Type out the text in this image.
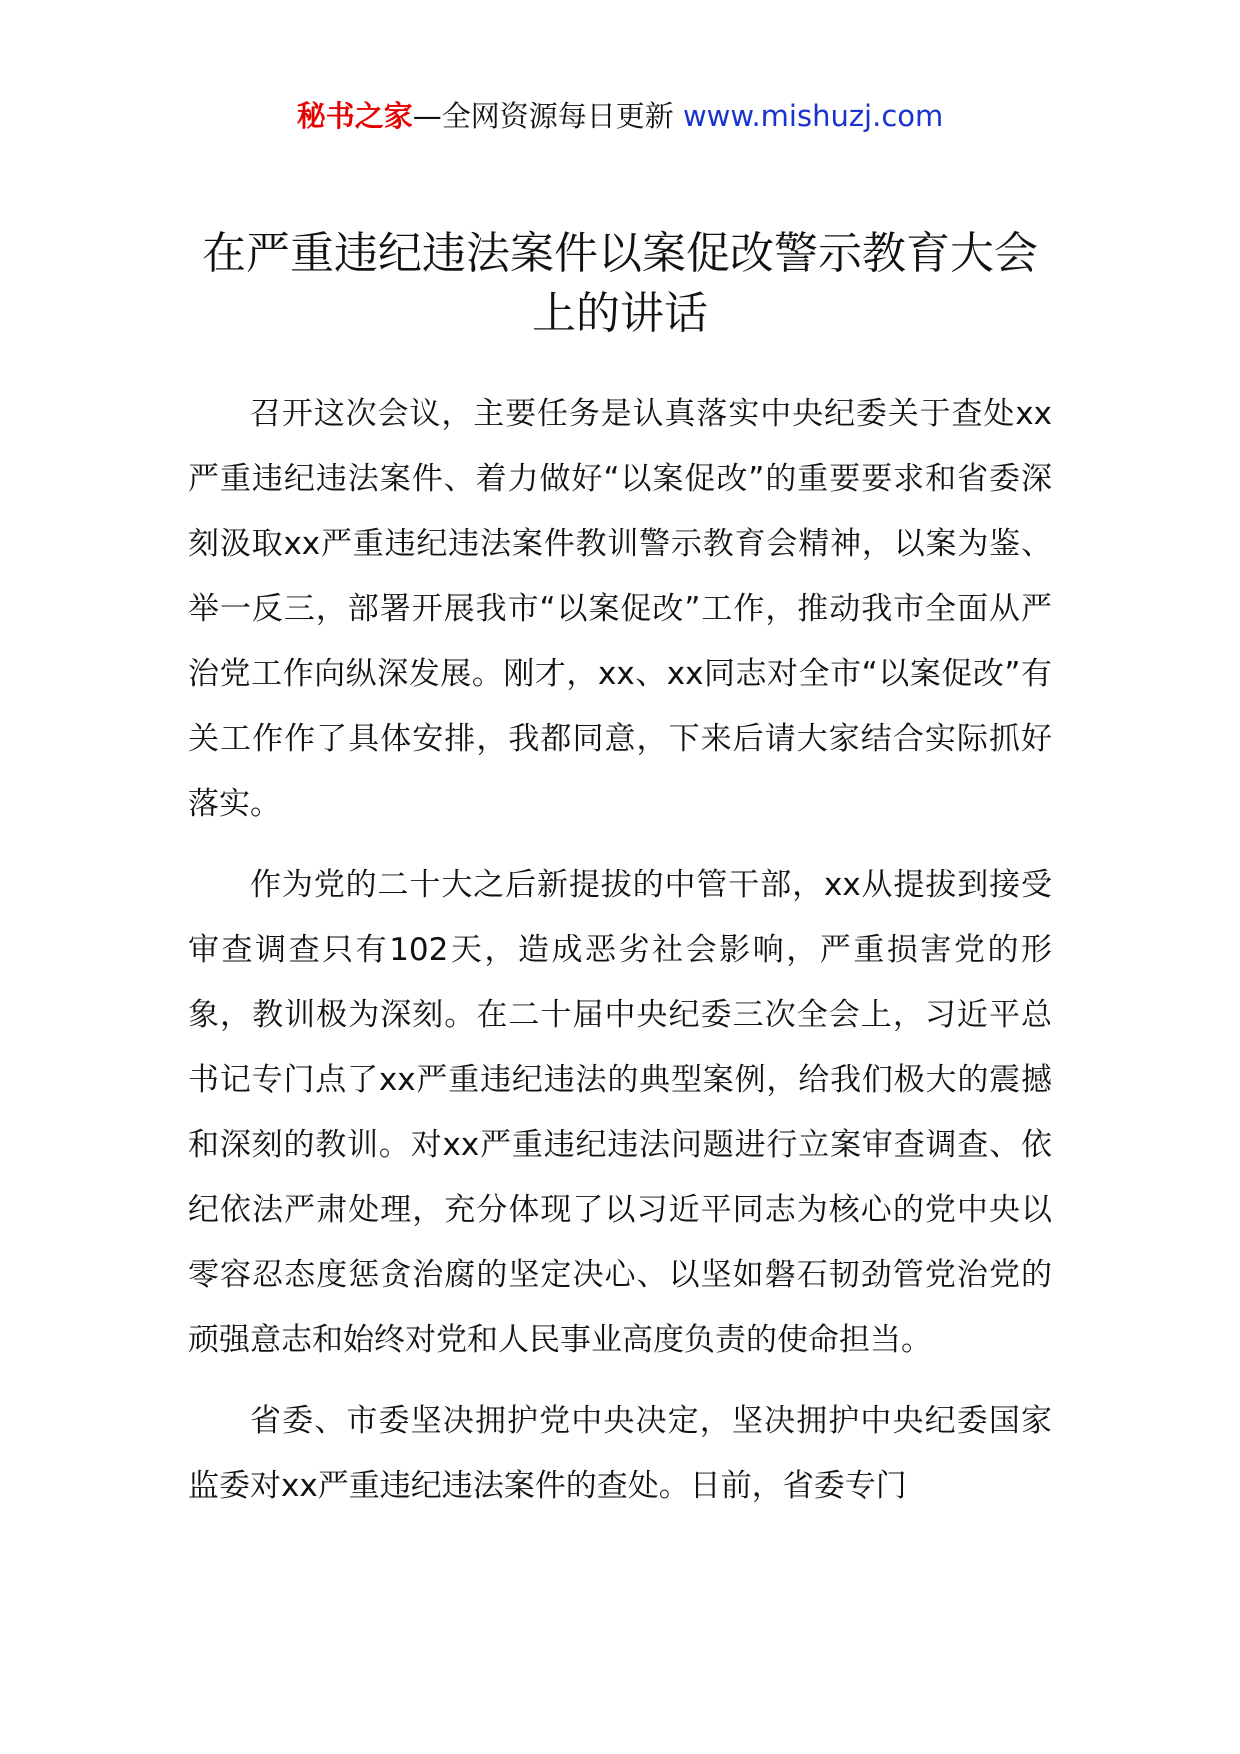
秘书之家—全网资源每日更新 www.mishuzj.com
在严重违纪违法案件以案促改警示教育大会上的讲话

召开这次会议，主要任务是认真落实中央纪委关于查处xx严重违纪违法案件、着力做好“以案促改”的重要要求和省委深刻汲取xx严重违纪违法案件教训警示教育会精神，以案为鉴、举一反三，部署开展我市“以案促改”工作，推动我市全面从严治党工作向纵深发展。刚才，xx、xx同志对全市“以案促改”有关工作作了具体安排，我都同意，下来后请大家结合实际抓好落实。

作为党的二十大之后新提拔的中管干部，xx从提拔到接受审查调查只有102天，造成恶劣社会影响，严重损害党的形象，教训极为深刻。在二十届中央纪委三次全会上，习近平总书记专门点了xx严重违纪违法的典型案例，给我们极大的震撼和深刻的教训。对xx严重违纪违法问题进行立案审查调查、依纪依法严肃处理，充分体现了以习近平同志为核心的党中央以零容忍态度惩贪治腐的坚定决心、以坚如磐石韧劲管党治党的顽强意志和始终对党和人民事业高度负责的使命担当。

省委、市委坚决拥护党中央决定，坚决拥护中央纪委国家监委对xx严重违纪违法案件的查处。日前，省委专门
